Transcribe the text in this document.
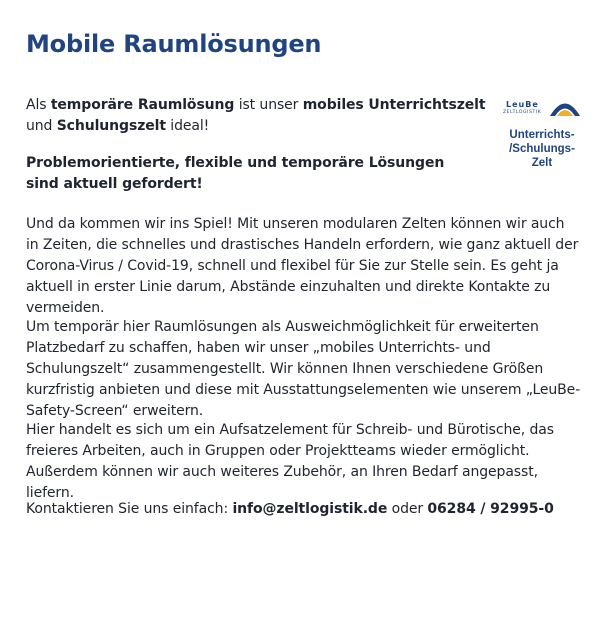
Mobile Raumlösungen
LeuBe
ZELTLOGISTIK
Unterrichts-
/Schulungs-
Zelt

Als temporäre Raumlösung ist unser mobiles Unterrichtszelt und Schulungszelt ideal!

Problemorientierte, flexible und temporäre Lösungen sind aktuell gefordert!

Und da kommen wir ins Spiel! Mit unseren modularen Zelten können wir auch in Zeiten, die schnelles und drastisches Handeln erfordern, wie ganz aktuell der Corona-Virus / Covid-19, schnell und flexibel für Sie zur Stelle sein. Es geht ja aktuell in erster Linie darum, Abstände einzuhalten und direkte Kontakte zu vermeiden.

Um temporär hier Raumlösungen als Ausweichmöglichkeit für erweiterten Platzbedarf zu schaffen, haben wir unser „mobiles Unterrichts- und Schulungszelt“ zusammengestellt. Wir können Ihnen verschiedene Größen kurzfristig anbieten und diese mit Ausstattungselementen wie unserem „LeuBe-Safety-Screen“ erweitern.

Hier handelt es sich um ein Aufsatzelement für Schreib- und Bürotische, das freieres Arbeiten, auch in Gruppen oder Projektteams wieder ermöglicht. Außerdem können wir auch weiteres Zubehör, an Ihren Bedarf angepasst, liefern.

Kontaktieren Sie uns einfach: info@zeltlogistik.de oder 06284 / 92995-0
